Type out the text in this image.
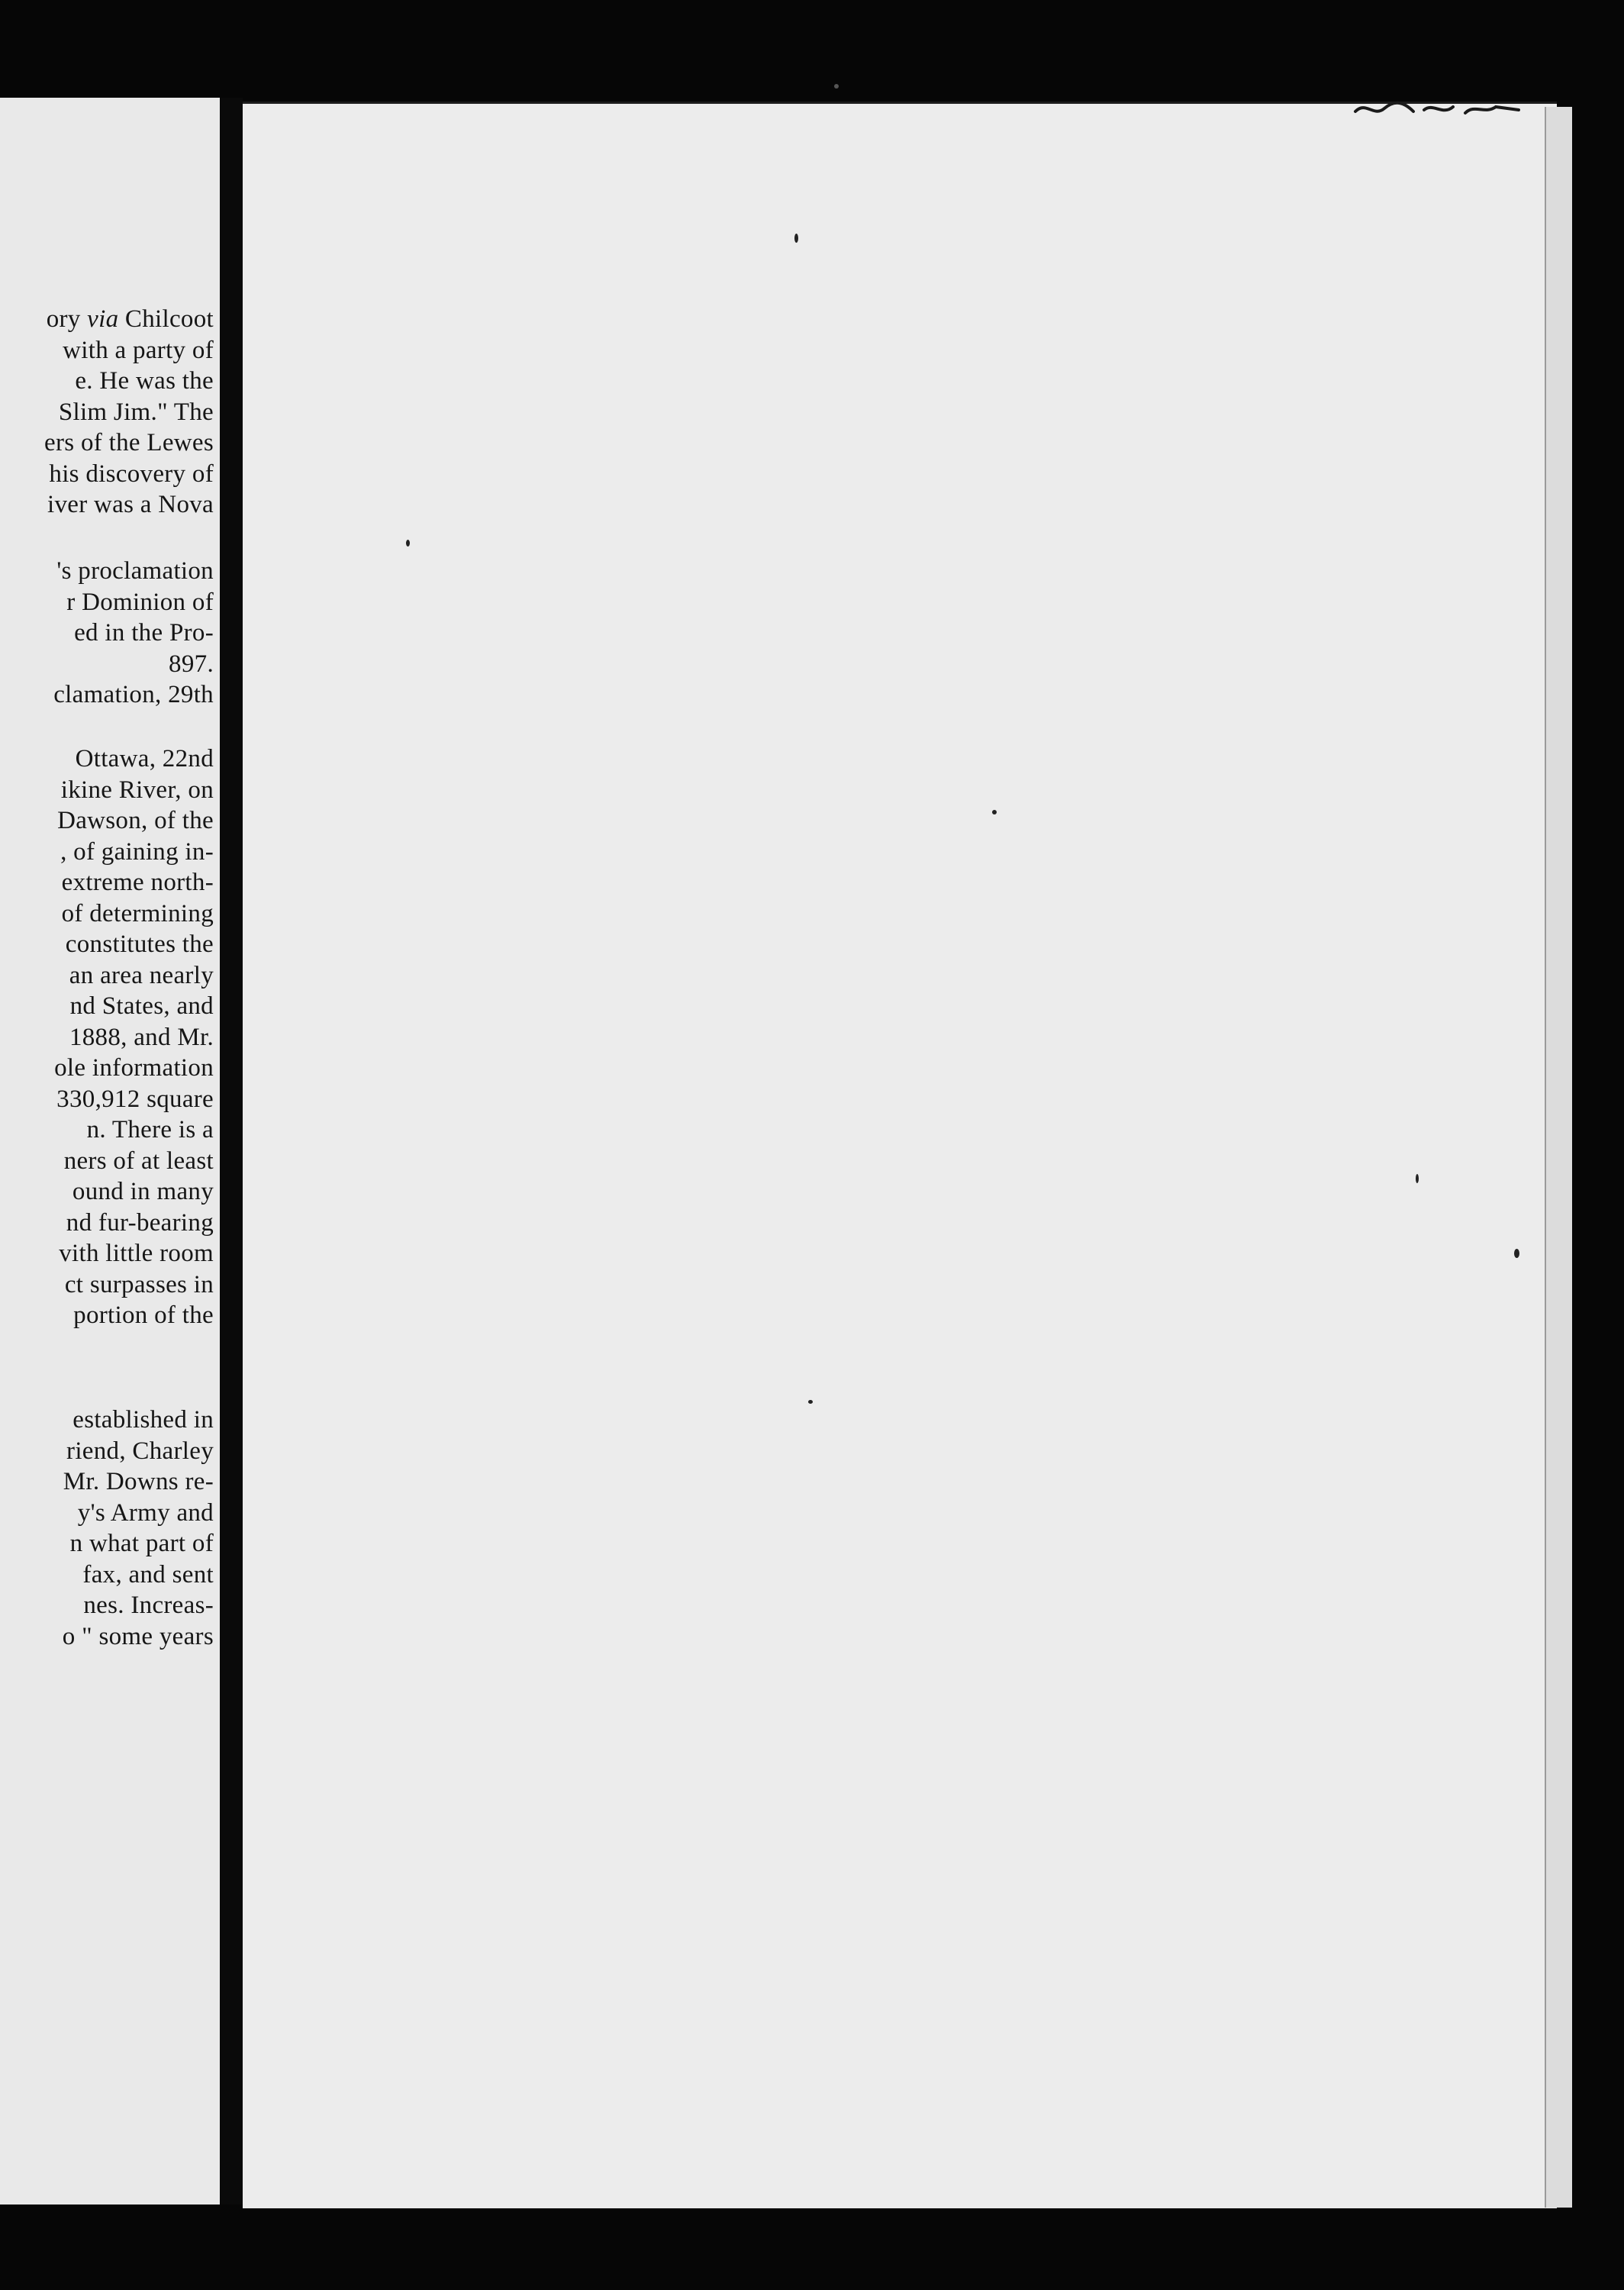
ory via Chilcoot
with a party of
e. He was the
Slim Jim." The
ers of the Lewes
his discovery of
iver was a Nova
's proclamation
r Dominion of
ed in the Pro-
897.
clamation, 29th
Ottawa, 22nd
ikine River, on
Dawson, of the
, of gaining in-
extreme north-
of determining
constitutes the
an area nearly
nd States, and
1888, and Mr.
ole information
330,912 square
n. There is a
ners of at least
ound in many
nd fur-bearing
vith little room
ct surpasses in
portion of the
established in
riend, Charley
Mr. Downs re-
y's Army and
n what part of
fax, and sent
nes. Increas-
o " some years
